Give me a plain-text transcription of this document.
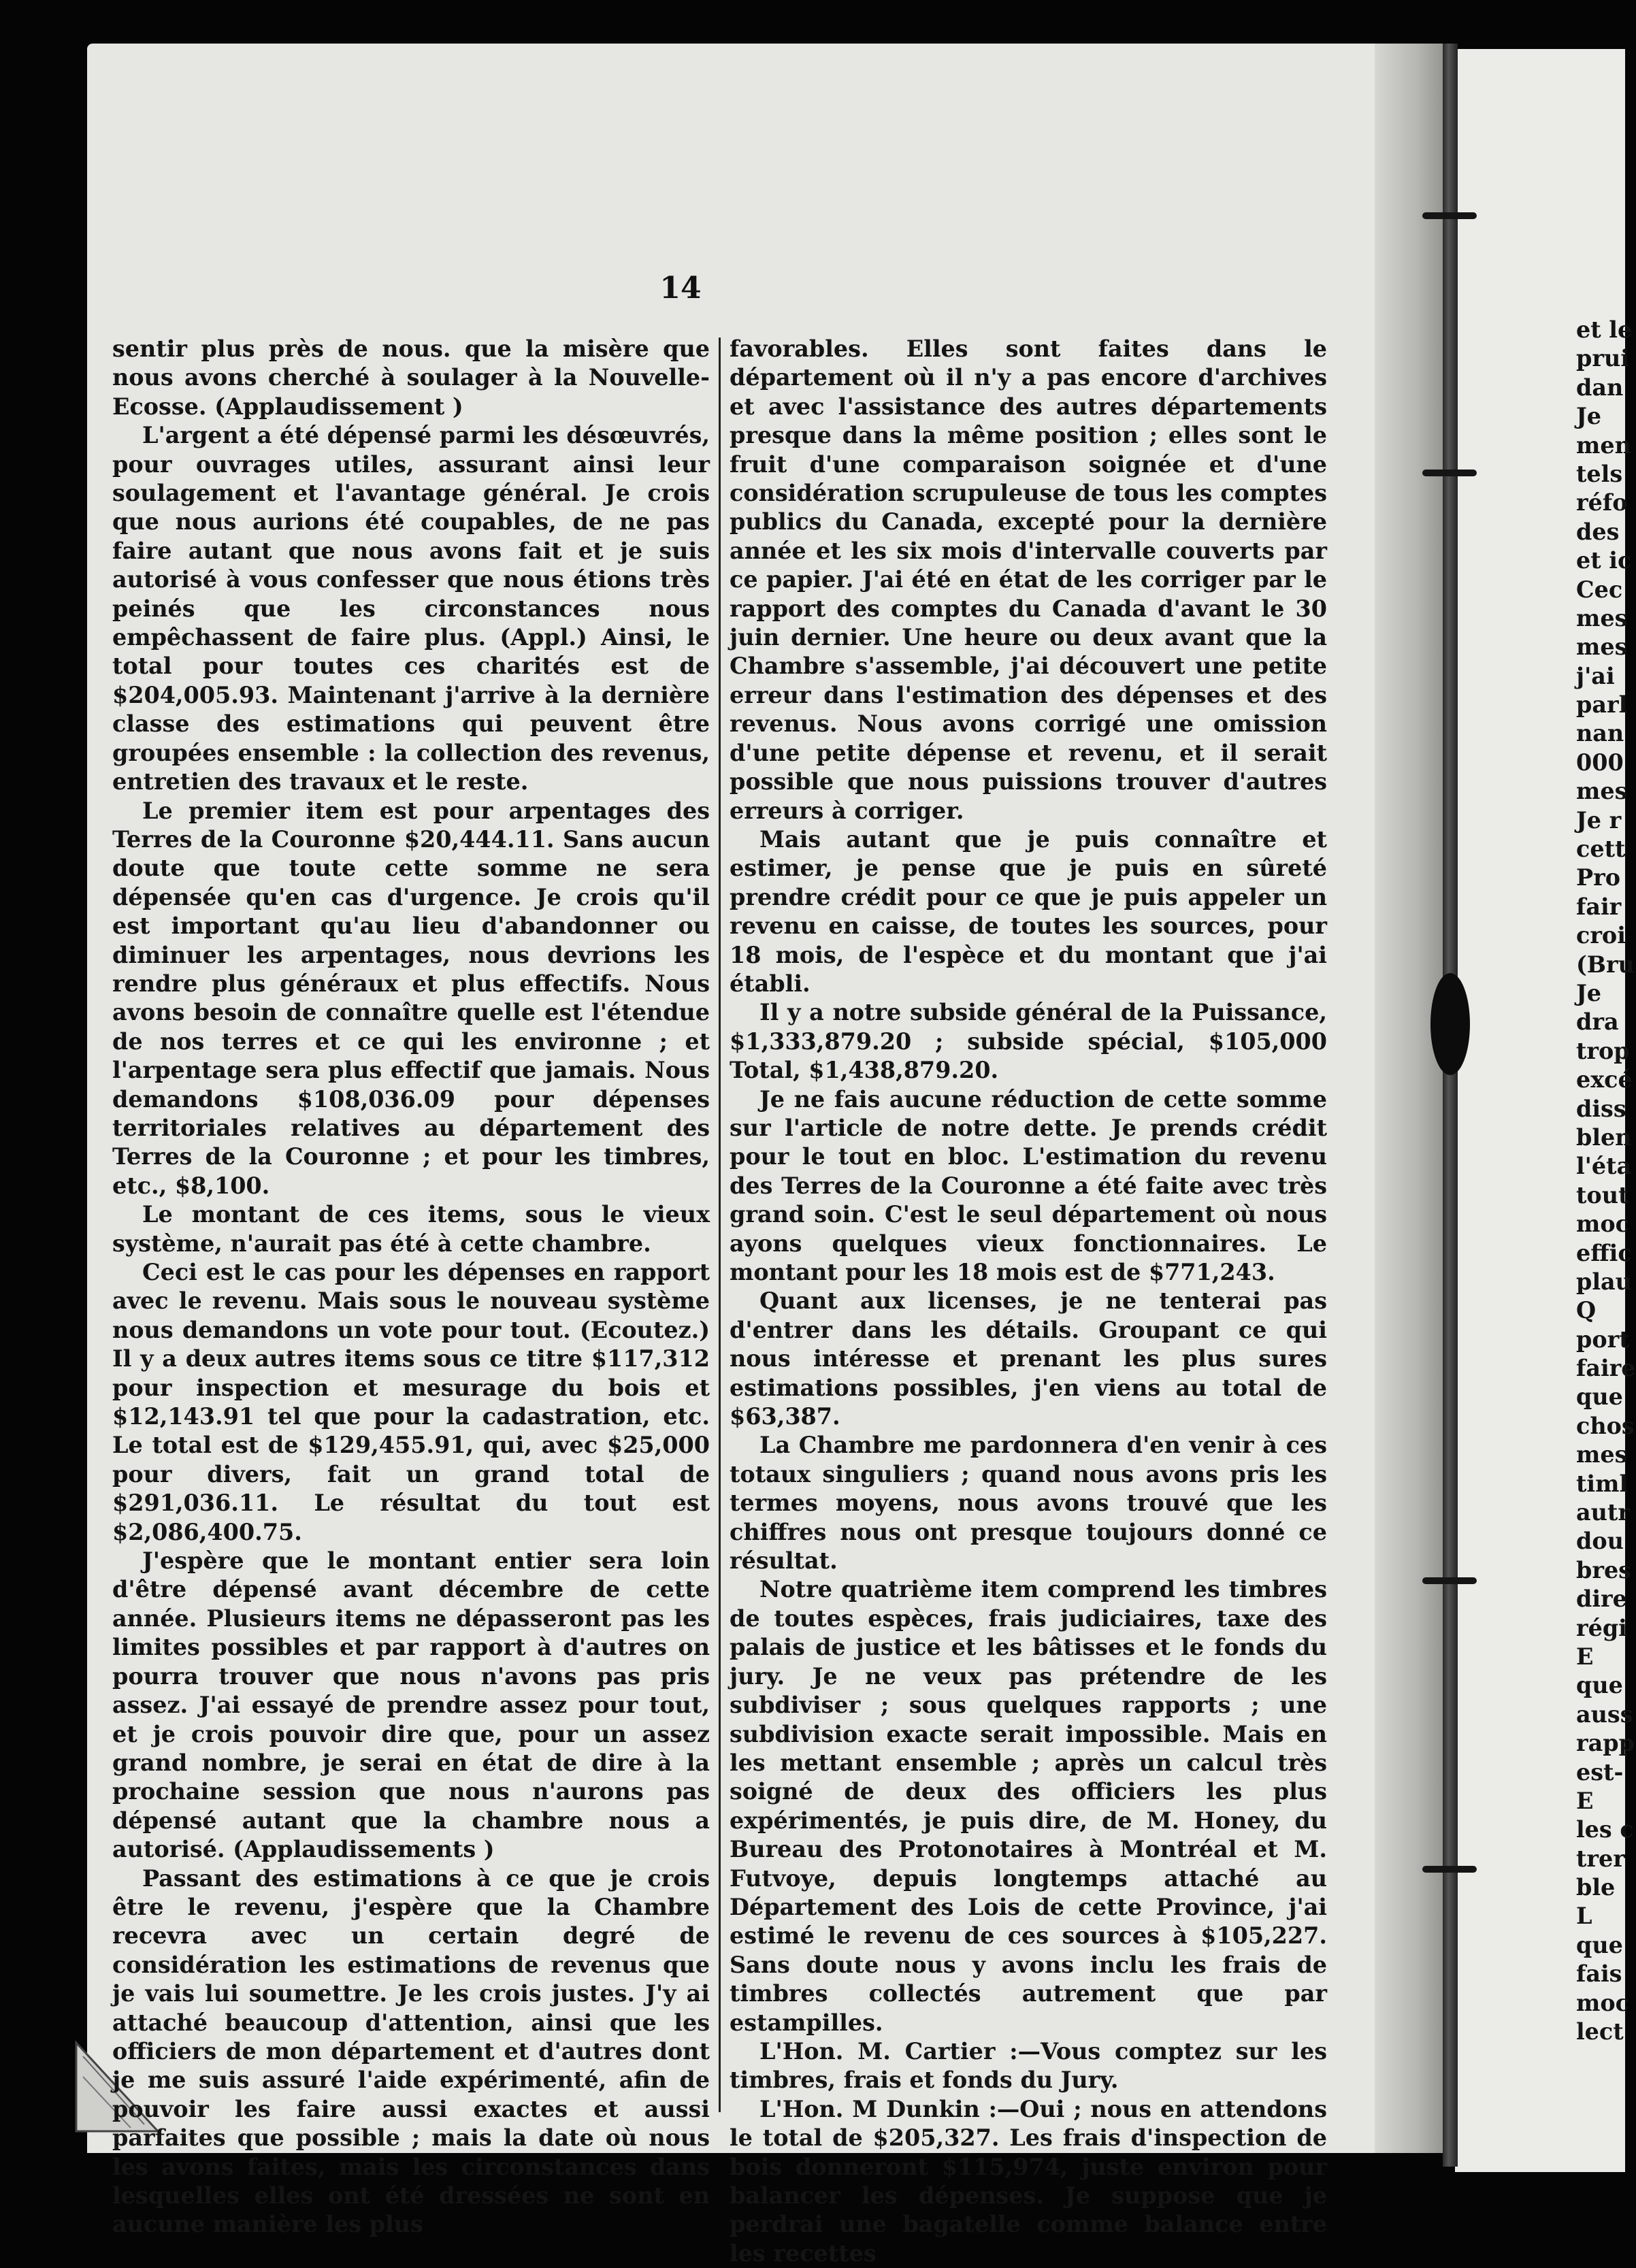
14

sentir plus près de nous. que la misère que nous avons cherché à soulager à la Nouvelle-Ecosse. (Applaudissement )

L'argent a été dépensé parmi les désœuvrés, pour ouvrages utiles, assurant ainsi leur soulagement et l'avantage général. Je crois que nous aurions été coupables, de ne pas faire autant que nous avons fait et je suis autorisé à vous confesser que nous étions très peinés que les circonstances nous empêchassent de faire plus. (Appl.) Ainsi, le total pour toutes ces charités est de $204,005.93. Maintenant j'arrive à la dernière classe des estimations qui peuvent être groupées ensemble : la collection des revenus, entretien des travaux et le reste.

Le premier item est pour arpentages des Terres de la Couronne $20,444.11. Sans aucun doute que toute cette somme ne sera dépensée qu'en cas d'urgence. Je crois qu'il est important qu'au lieu d'abandonner ou diminuer les arpentages, nous devrions les rendre plus généraux et plus effectifs. Nous avons besoin de connaître quelle est l'étendue de nos terres et ce qui les environne ; et l'arpentage sera plus effectif que jamais. Nous demandons $108,036.09 pour dépenses territoriales relatives au département des Terres de la Couronne ; et pour les timbres, etc., $8,100.

Le montant de ces items, sous le vieux système, n'aurait pas été à cette chambre.

Ceci est le cas pour les dépenses en rapport avec le revenu. Mais sous le nouveau système nous demandons un vote pour tout. (Ecoutez.) Il y a deux autres items sous ce titre $117,312 pour inspection et mesurage du bois et $12,143.91 tel que pour la cadastration, etc. Le total est de $129,455.91, qui, avec $25,000 pour divers, fait un grand total de $291,036.11. Le résultat du tout est $2,086,400.75.

J'espère que le montant entier sera loin d'être dépensé avant décembre de cette année. Plusieurs items ne dépasseront pas les limites possibles et par rapport à d'autres on pourra trouver que nous n'avons pas pris assez. J'ai essayé de prendre assez pour tout, et je crois pouvoir dire que, pour un assez grand nombre, je serai en état de dire à la prochaine session que nous n'aurons pas dépensé autant que la chambre nous a autorisé. (Applaudissements )

Passant des estimations à ce que je crois être le revenu, j'espère que la Chambre recevra avec un certain degré de considération les estimations de revenus que je vais lui soumettre. Je les crois justes. J'y ai attaché beaucoup d'attention, ainsi que les officiers de mon département et d'autres dont je me suis assuré l'aide expérimenté, afin de pouvoir les faire aussi exactes et aussi parfaites que possible ; mais la date où nous les avons faites, mais les circonstances dans lesquelles elles ont été dressées ne sont en aucune manière les plus

favorables. Elles sont faites dans le département où il n'y a pas encore d'archives et avec l'assistance des autres départements presque dans la même position ; elles sont le fruit d'une comparaison soignée et d'une considération scrupuleuse de tous les comptes publics du Canada, excepté pour la dernière année et les six mois d'intervalle couverts par ce papier. J'ai été en état de les corriger par le rapport des comptes du Canada d'avant le 30 juin dernier. Une heure ou deux avant que la Chambre s'assemble, j'ai découvert une petite erreur dans l'estimation des dépenses et des revenus. Nous avons corrigé une omission d'une petite dépense et revenu, et il serait possible que nous puissions trouver d'autres erreurs à corriger.

Mais autant que je puis connaître et estimer, je pense que je puis en sûreté prendre crédit pour ce que je puis appeler un revenu en caisse, de toutes les sources, pour 18 mois, de l'espèce et du montant que j'ai établi.

Il y a notre subside général de la Puissance, $1,333,879.20 ; subside spécial, $105,000 Total, $1,438,879.20.

Je ne fais aucune réduction de cette somme sur l'article de notre dette. Je prends crédit pour le tout en bloc. L'estimation du revenu des Terres de la Couronne a été faite avec très grand soin. C'est le seul département où nous ayons quelques vieux fonctionnaires. Le montant pour les 18 mois est de $771,243.

Quant aux licenses, je ne tenterai pas d'entrer dans les détails. Groupant ce qui nous intéresse et prenant les plus sures estimations possibles, j'en viens au total de $63,387.

La Chambre me pardonnera d'en venir à ces totaux singuliers ; quand nous avons pris les termes moyens, nous avons trouvé que les chiffres nous ont presque toujours donné ce résultat.

Notre quatrième item comprend les timbres de toutes espèces, frais judiciaires, taxe des palais de justice et les bâtisses et le fonds du jury. Je ne veux pas prétendre de les subdiviser ; sous quelques rapports ; une subdivision exacte serait impossible. Mais en les mettant ensemble ; après un calcul très soigné de deux des officiers les plus expérimentés, je puis dire, de M. Honey, du Bureau des Protonotaires à Montréal et M. Futvoye, depuis longtemps attaché au Département des Lois de cette Province, j'ai estimé le revenu de ces sources à $105,227. Sans doute nous y avons inclu les frais de timbres collectés autrement que par estampilles.

L'Hon. M. Cartier :—Vous comptez sur les timbres, frais et fonds du Jury.

L'Hon. M Dunkin :—Oui ; nous en attendons le total de $205,327. Les frais d'inspection de bois donneront $115,974, juste environ pour balancer les dépenses. Je suppose que je perdrai une bagatelle comme balance entre les recettes

et le
prui
dan
Je
men
tels
réfo
des
et ic
Cec
mes
mes
j'ai
parl
nan
000
mes
Je r
cett
Pro
fair
croi
(Bru
Je
dra
trop
excé
diss
blen
l'éta
tout
moc
effic
plau
Q
port
faire
que
chos
mes
timl
autr
dou
bres
dire
régi
E
que
auss
rapp
est-
E
les c
trer
ble
L
que
fais
moc
lect
